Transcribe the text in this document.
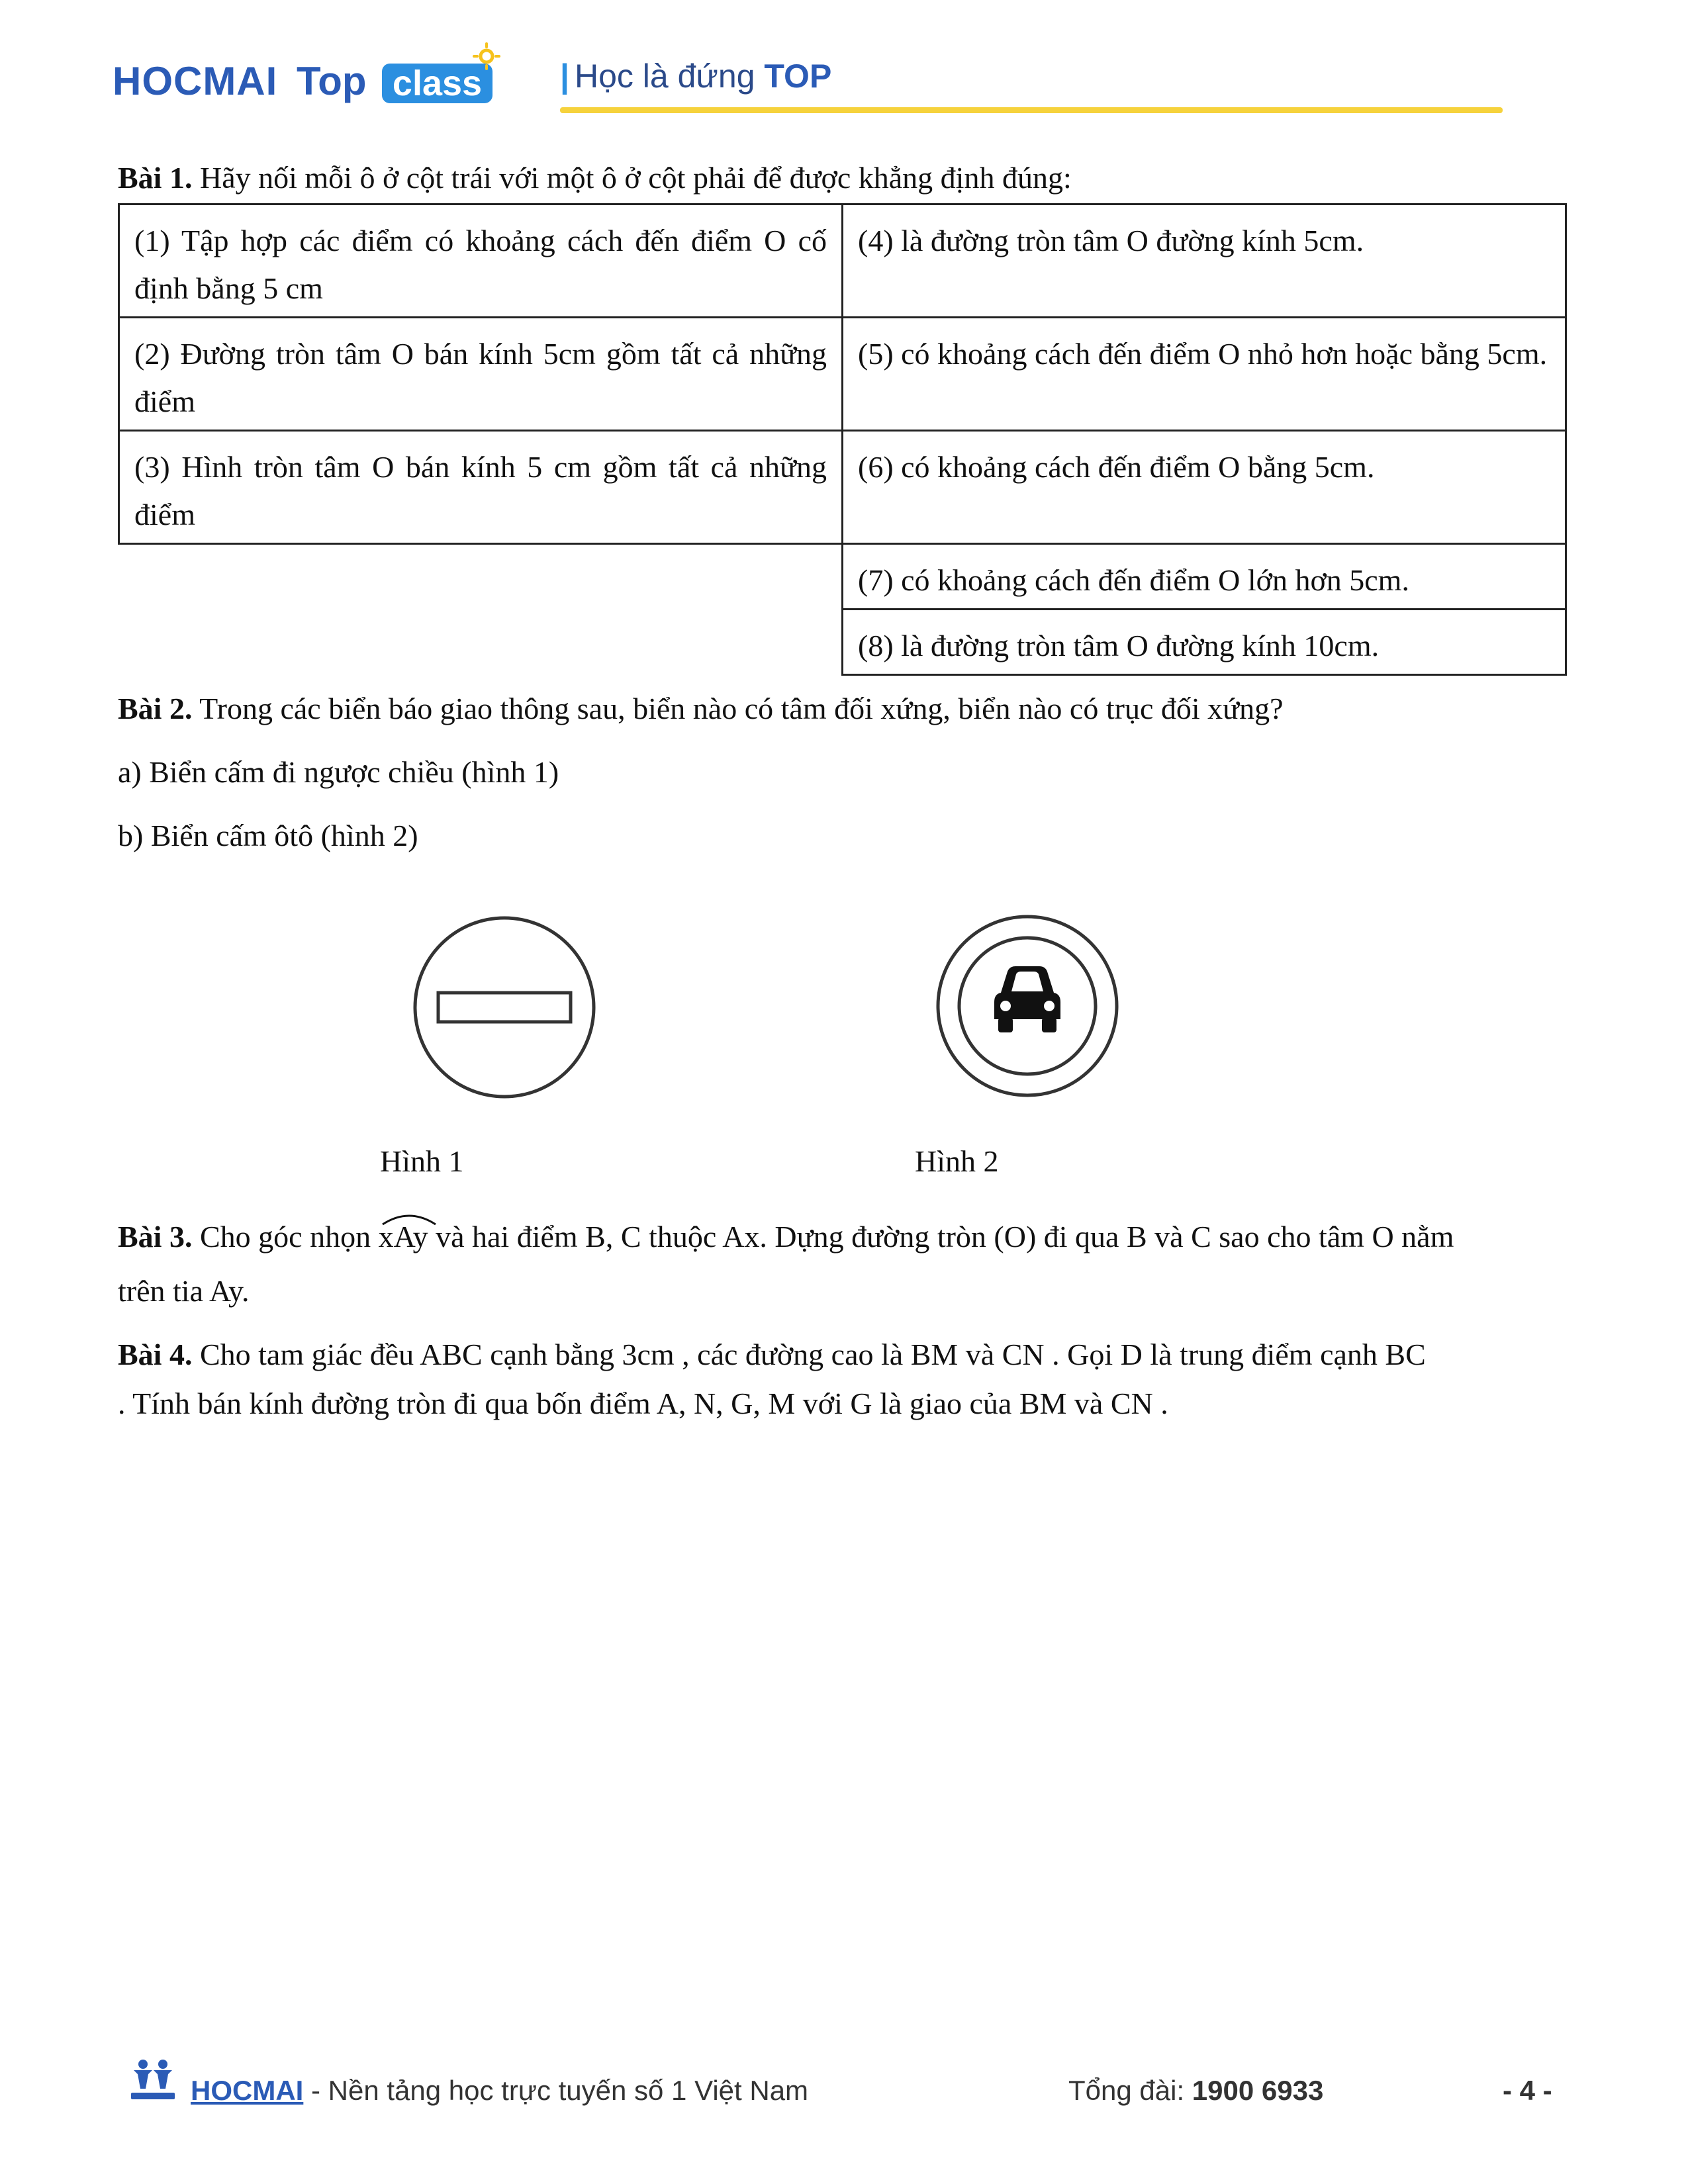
HOCMAI Top class	| Học là đứng TOP
Bài 1. Hãy nối mỗi ô ở cột trái với một ô ở cột phải để được khẳng định đúng:
(1) Tập hợp các điểm có khoảng cách đến điểm O cố định bằng 5 cm	(4) là đường tròn tâm O đường kính 5cm.
(2) Đường tròn tâm O bán kính 5cm gồm tất cả những điểm	(5) có khoảng cách đến điểm O nhỏ hơn hoặc bằng 5cm.
(3) Hình tròn tâm O bán kính 5 cm gồm tất cả những điểm	(6) có khoảng cách đến điểm O bằng 5cm.
	(7) có khoảng cách đến điểm O lớn hơn 5cm.
	(8) là đường tròn tâm O đường kính 10cm.
Bài 2. Trong các biển báo giao thông sau, biển nào có tâm đối xứng, biển nào có trục đối xứng?
a) Biển cấm đi ngược chiều (hình 1)
b) Biển cấm ôtô (hình 2)
Hình 1	Hình 2
Bài 3. Cho góc nhọn xAy
và hai điểm B, C thuộc Ax. Dựng đường tròn (O) đi qua B và C sao cho tâm O nằm
trên tia Ay.
Bài 4. Cho tam giác đều ABC cạnh bằng 3cm , các đường cao là BM và CN . Gọi D là trung điểm cạnh BC
. Tính bán kính đường tròn đi qua bốn điểm A, N, G, M với G là giao của BM và CN .
HOCMAI - Nền tảng học trực tuyến số 1 Việt Nam	Tổng đài: 1900 6933	- 4 -
